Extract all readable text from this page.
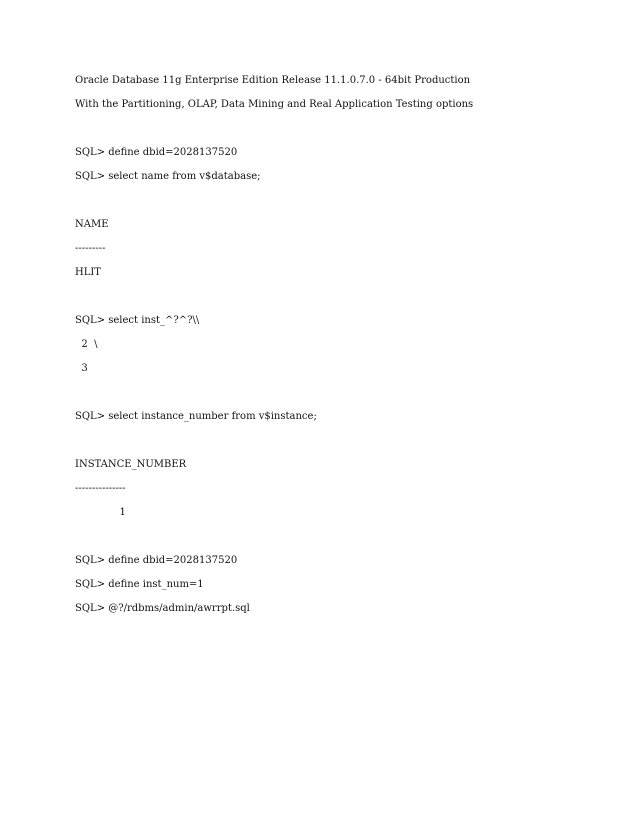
Oracle Database 11g Enterprise Edition Release 11.1.0.7.0 - 64bit Production
With the Partitioning, OLAP, Data Mining and Real Application Testing options
SQL> define dbid=2028137520
SQL> select name from v$database;
NAME
---------
HLIT
SQL> select inst_^?^?\\
2  \
3
SQL> select instance_number from v$instance;
INSTANCE_NUMBER
---------------
1
SQL> define dbid=2028137520
SQL> define inst_num=1
SQL> @?/rdbms/admin/awrrpt.sql
